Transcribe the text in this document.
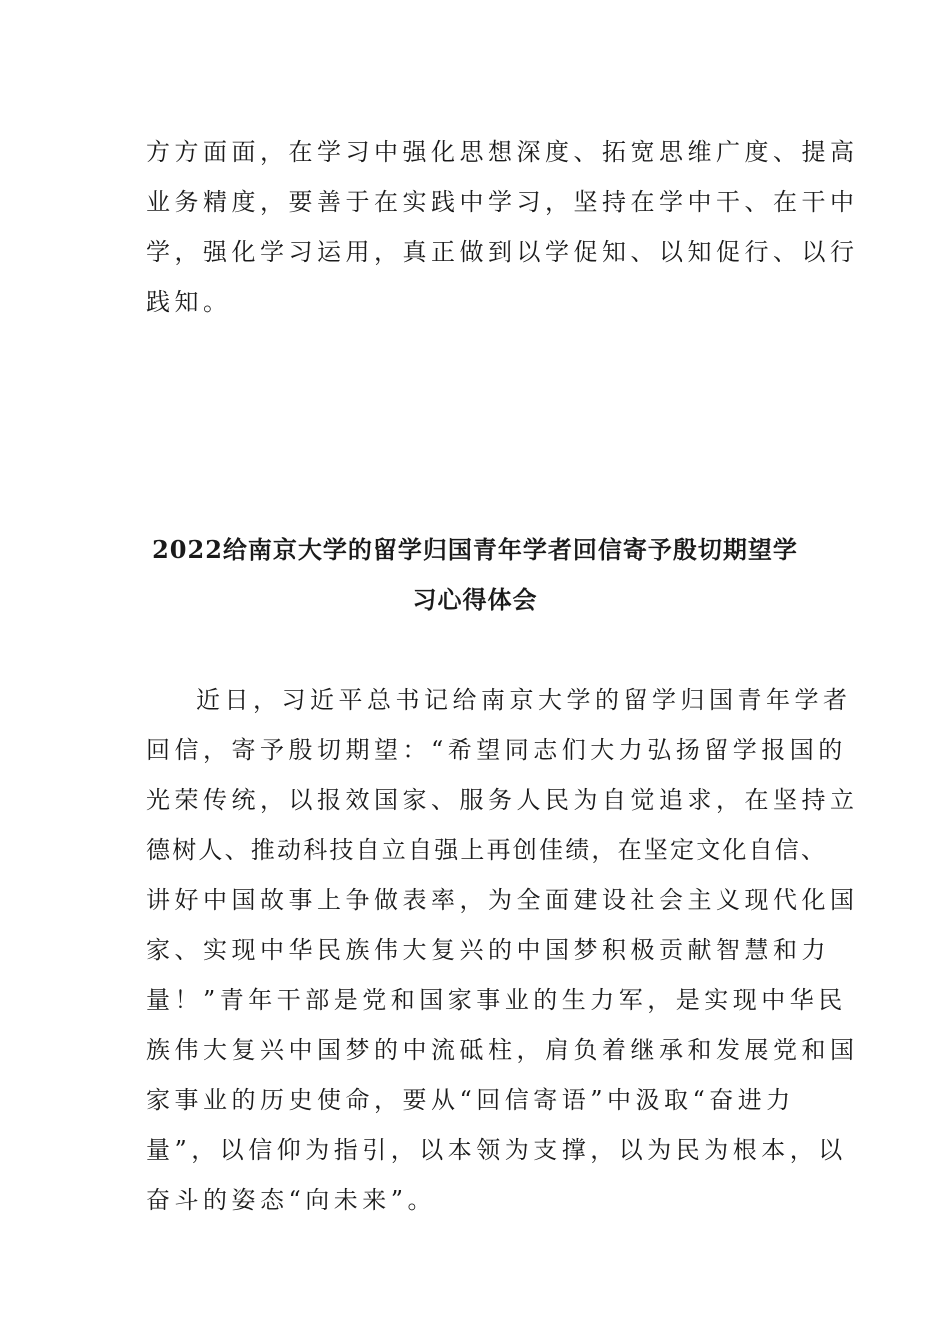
方方面面，在学习中强化思想深度、拓宽思维广度、提高
业务精度，要善于在实践中学习，坚持在学中干、在干中
学，强化学习运用，真正做到以学促知、以知促行、以行
践知。
2022给南京大学的留学归国青年学者回信寄予殷切期望学
习心得体会
近日，习近平总书记给南京大学的留学归国青年学者
回信，寄予殷切期望：“希望同志们大力弘扬留学报国的
光荣传统，以报效国家、服务人民为自觉追求，在坚持立
德树人、推动科技自立自强上再创佳绩，在坚定文化自信、
讲好中国故事上争做表率，为全面建设社会主义现代化国
家、实现中华民族伟大复兴的中国梦积极贡献智慧和力
量！”青年干部是党和国家事业的生力军，是实现中华民
族伟大复兴中国梦的中流砥柱，肩负着继承和发展党和国
家事业的历史使命，要从“回信寄语”中汲取“奋进力
量”，以信仰为指引，以本领为支撑，以为民为根本，以
奋斗的姿态“向未来”。
